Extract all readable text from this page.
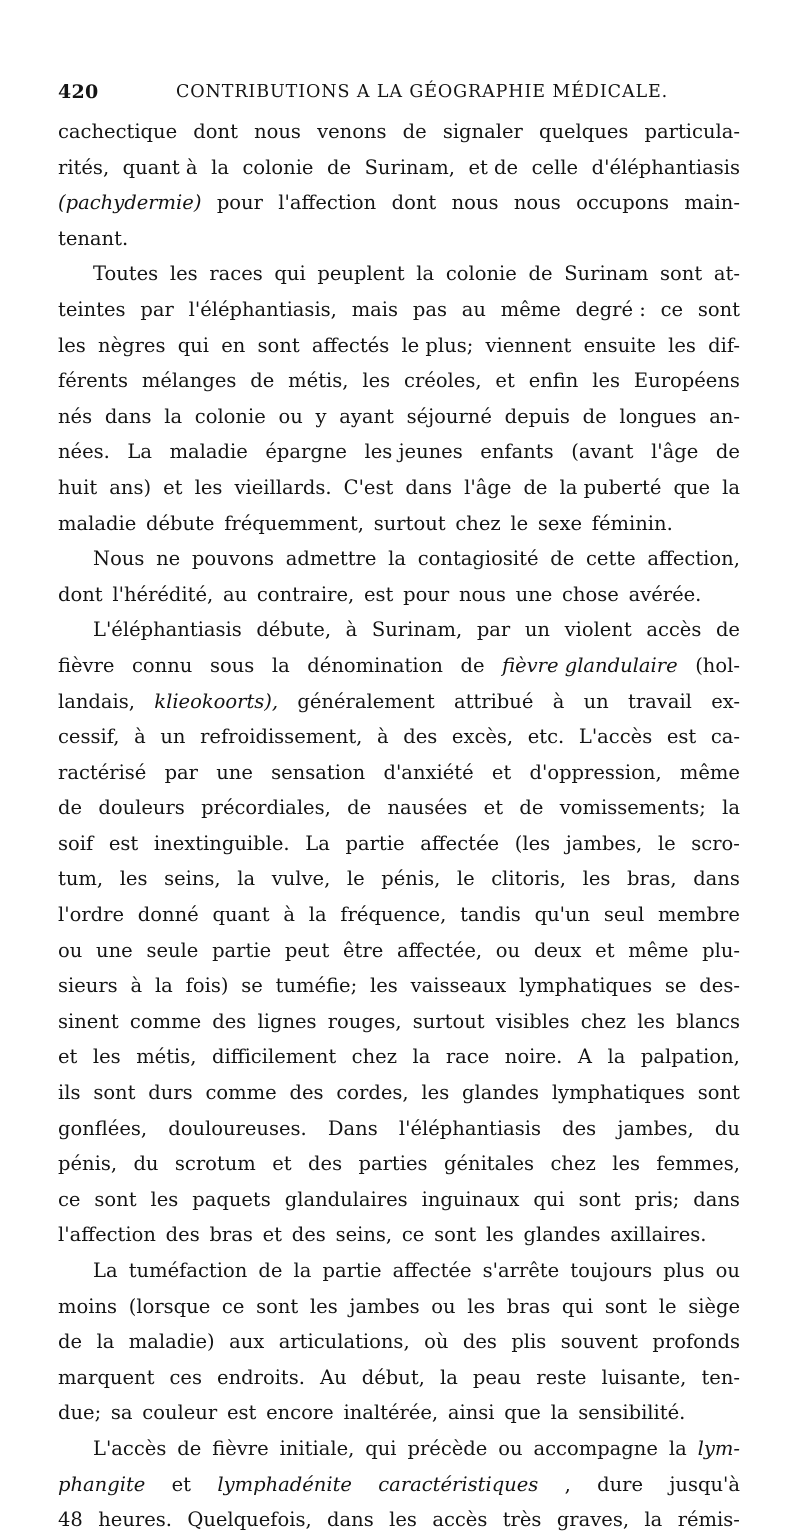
420	CONTRIBUTIONS A LA GÉOGRAPHIE MÉDICALE.
cachectique dont nous venons de signaler quelques particula-
rités, quant à la colonie de Surinam, et de celle d'éléphantiasis
(pachydermie) pour l'affection dont nous nous occupons main-
tenant.
Toutes les races qui peuplent la colonie de Surinam sont at-
teintes par l'éléphantiasis, mais pas au même degré : ce sont
les nègres qui en sont affectés le plus; viennent ensuite les dif-
férents mélanges de métis, les créoles, et enfin les Européens
nés dans la colonie ou y ayant séjourné depuis de longues an-
nées. La maladie épargne les jeunes enfants (avant l'âge de
huit ans) et les vieillards. C'est dans l'âge de la puberté que la
maladie débute fréquemment, surtout chez le sexe féminin.
Nous ne pouvons admettre la contagiosité de cette affection,
dont l'hérédité, au contraire, est pour nous une chose avérée.
L'éléphantiasis débute, à Surinam, par un violent accès de
fièvre connu sous la dénomination de fièvre glandulaire (hol-
landais, klieokoorts), généralement attribué à un travail ex-
cessif, à un refroidissement, à des excès, etc. L'accès est ca-
ractérisé par une sensation d'anxiété et d'oppression, même
de douleurs précordiales, de nausées et de vomissements; la
soif est inextinguible. La partie affectée (les jambes, le scro-
tum, les seins, la vulve, le pénis, le clitoris, les bras, dans
l'ordre donné quant à la fréquence, tandis qu'un seul membre
ou une seule partie peut être affectée, ou deux et même plu-
sieurs à la fois) se tuméfie; les vaisseaux lymphatiques se des-
sinent comme des lignes rouges, surtout visibles chez les blancs
et les métis, difficilement chez la race noire. A la palpation,
ils sont durs comme des cordes, les glandes lymphatiques sont
gonflées, douloureuses. Dans l'éléphantiasis des jambes, du
pénis, du scrotum et des parties génitales chez les femmes,
ce sont les paquets glandulaires inguinaux qui sont pris; dans
l'affection des bras et des seins, ce sont les glandes axillaires.
La tuméfaction de la partie affectée s'arrête toujours plus ou
moins (lorsque ce sont les jambes ou les bras qui sont le siège
de la maladie) aux articulations, où des plis souvent profonds
marquent ces endroits. Au début, la peau reste luisante, ten-
due; sa couleur est encore inaltérée, ainsi que la sensibilité.
L'accès de fièvre initiale, qui précède ou accompagne la lym-
phangite et lymphadénite caractéristiques , dure jusqu'à
48 heures. Quelquefois, dans les accès très graves, la rémis-
